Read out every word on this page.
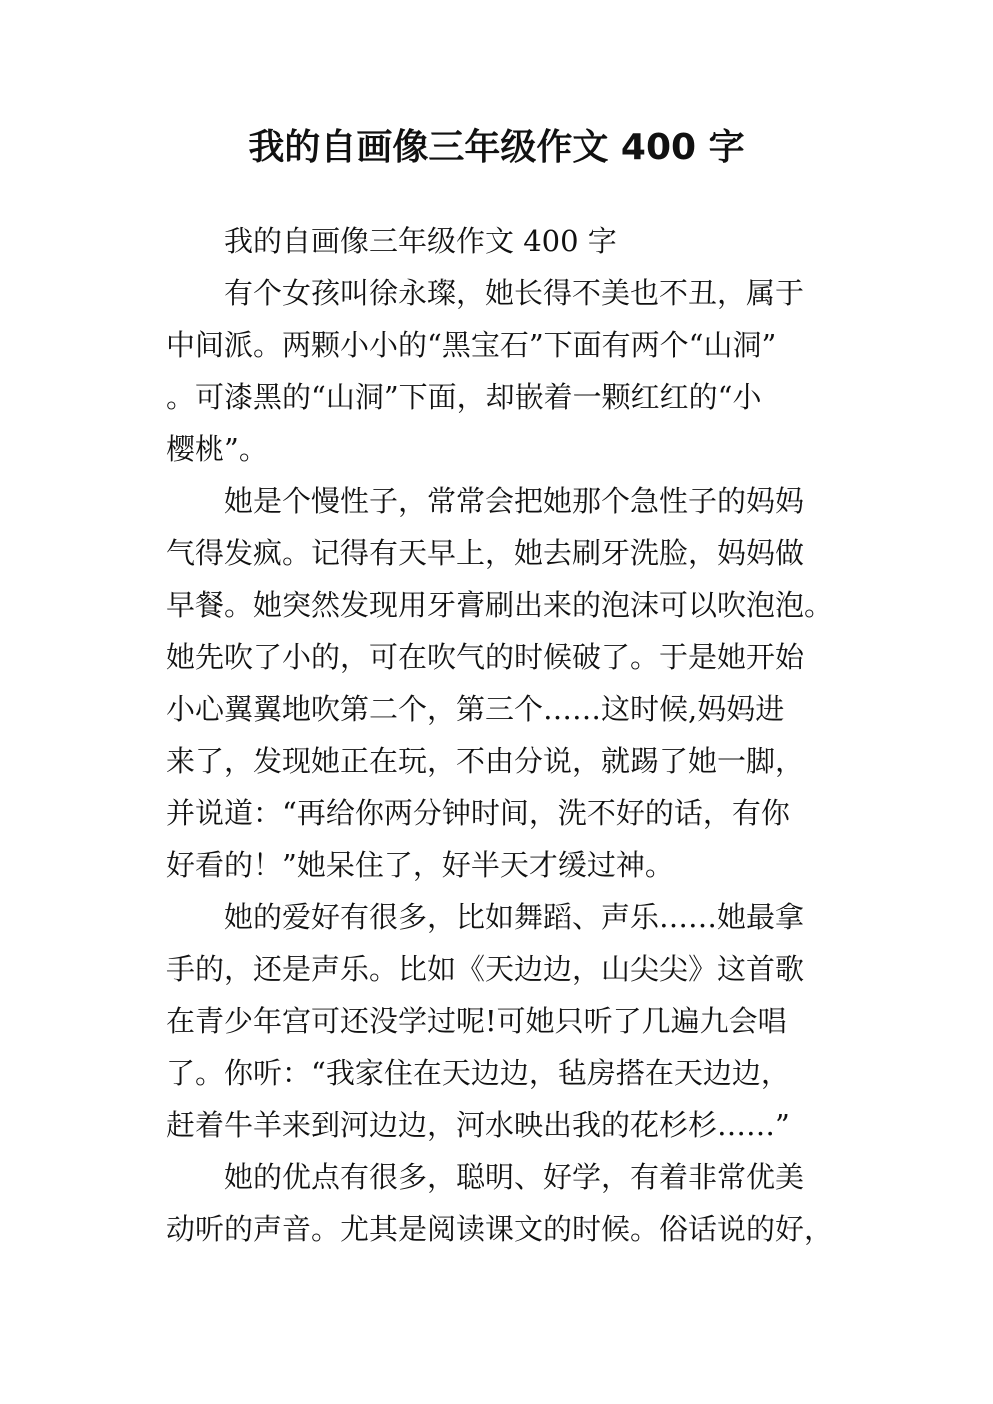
我的自画像三年级作文 400 字

我的自画像三年级作文 400 字

有个女孩叫徐永璨，她长得不美也不丑，属于
中间派。两颗小小的“黑宝石”下面有两个“山洞”
。可漆黑的“山洞”下面，却嵌着一颗红红的“小
樱桃”。

她是个慢性子，常常会把她那个急性子的妈妈
气得发疯。记得有天早上，她去刷牙洗脸，妈妈做
早餐。她突然发现用牙膏刷出来的泡沫可以吹泡泡。
她先吹了小的，可在吹气的时候破了。于是她开始
小心翼翼地吹第二个，第三个……这时候,妈妈进
来了，发现她正在玩，不由分说，就踢了她一脚，
并说道：“再给你两分钟时间，洗不好的话，有你
好看的！”她呆住了，好半天才缓过神。

她的爱好有很多，比如舞蹈、声乐……她最拿
手的，还是声乐。比如《天边边，山尖尖》这首歌
在青少年宫可还没学过呢!可她只听了几遍九会唱
了。你听：“我家住在天边边，毡房搭在天边边，
赶着牛羊来到河边边，河水映出我的花杉杉……”

她的优点有很多，聪明、好学，有着非常优美
动听的声音。尤其是阅读课文的时候。俗话说的好，
